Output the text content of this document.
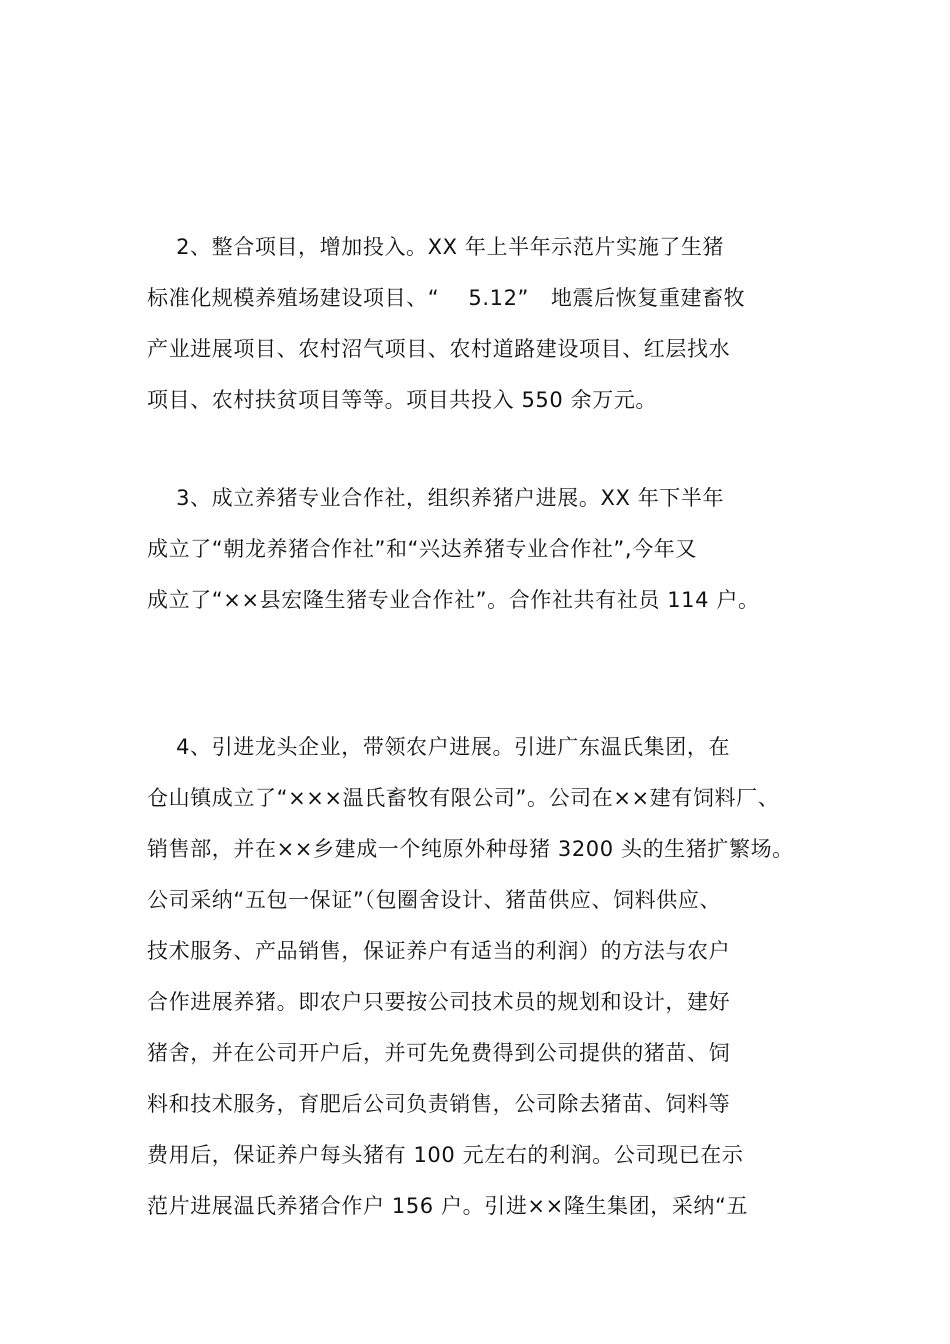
2、整合项目，增加投入。XX 年上半年示范片实施了生猪
标准化规模养殖场建设项目、“    5.12”   地震后恢复重建畜牧
产业进展项目、农村沼气项目、农村道路建设项目、红层找水
项目、农村扶贫项目等等。项目共投入 550 余万元。
3、成立养猪专业合作社，组织养猪户进展。XX 年下半年
成立了“朝龙养猪合作社”和“兴达养猪专业合作社”,今年又
成立了“××县宏隆生猪专业合作社”。合作社共有社员 114 户。
4、引进龙头企业，带领农户进展。引进广东温氏集团，在
仓山镇成立了“×××温氏畜牧有限公司”。公司在××建有饲料厂、
销售部，并在××乡建成一个纯原外种母猪 3200 头的生猪扩繁场。
公司采纳“五包一保证”（包圈舍设计、猪苗供应、饲料供应、
技术服务、产品销售，保证养户有适当的利润）的方法与农户
合作进展养猪。即农户只要按公司技术员的规划和设计，建好
猪舍，并在公司开户后，并可先免费得到公司提供的猪苗、饲
料和技术服务，育肥后公司负责销售，公司除去猪苗、饲料等
费用后，保证养户每头猪有 100 元左右的利润。公司现已在示
范片进展温氏养猪合作户 156 户。引进××隆生集团，采纳“五
